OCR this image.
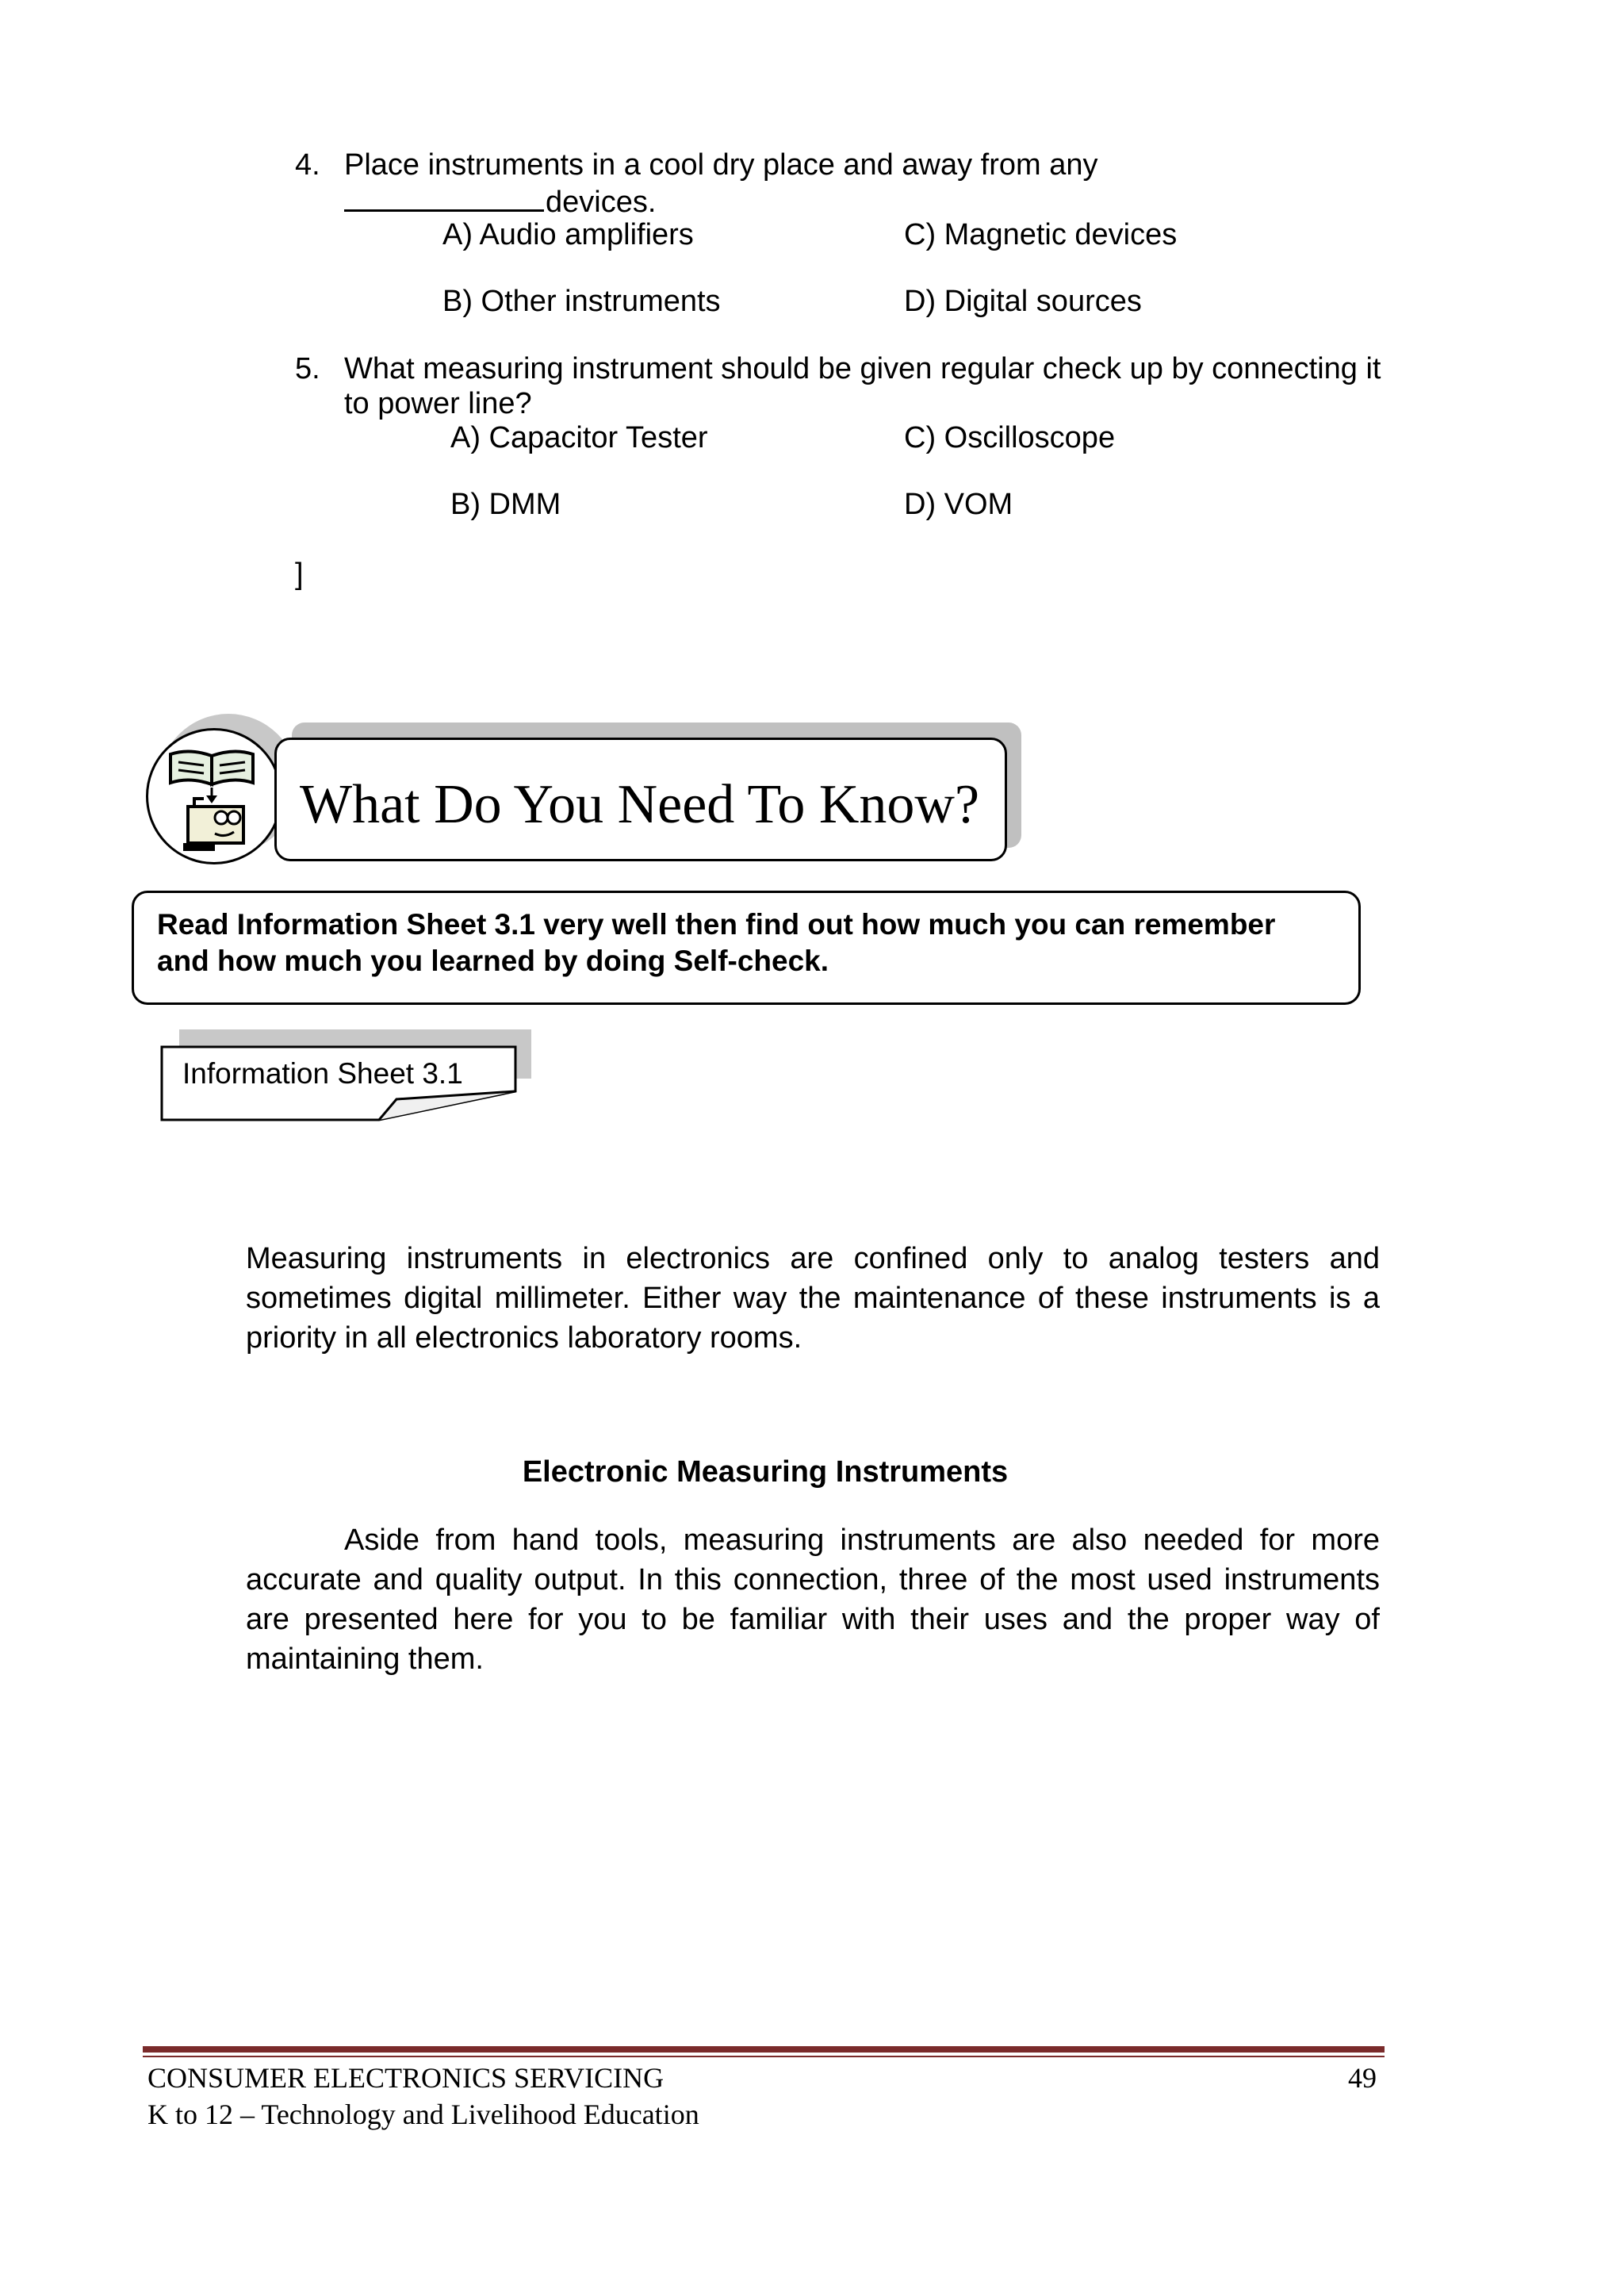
4. Place instruments in a cool dry place and away from any
devices.
A) Audio amplifiers	C) Magnetic devices
B) Other instruments	D) Digital sources
5. What measuring instrument should be given regular check up by connecting it
to power line?
A) Capacitor Tester	C) Oscilloscope
B) DMM	D) VOM
]
What Do You Need To Know?
Read Information Sheet 3.1 very well then find out how much you can remember
and how much you learned by doing Self-check.
Information Sheet 3.1
Measuring instruments in electronics are confined only to analog testers and sometimes digital millimeter. Either way the maintenance of these instruments is a priority in all electronics laboratory rooms.
Electronic Measuring Instruments
Aside from hand tools, measuring instruments are also needed for more accurate and quality output. In this connection, three of the most used instruments are presented here for you to be familiar with their uses and the proper way of maintaining them.
CONSUMER ELECTRONICS SERVICING	49
K to 12 – Technology and Livelihood Education
